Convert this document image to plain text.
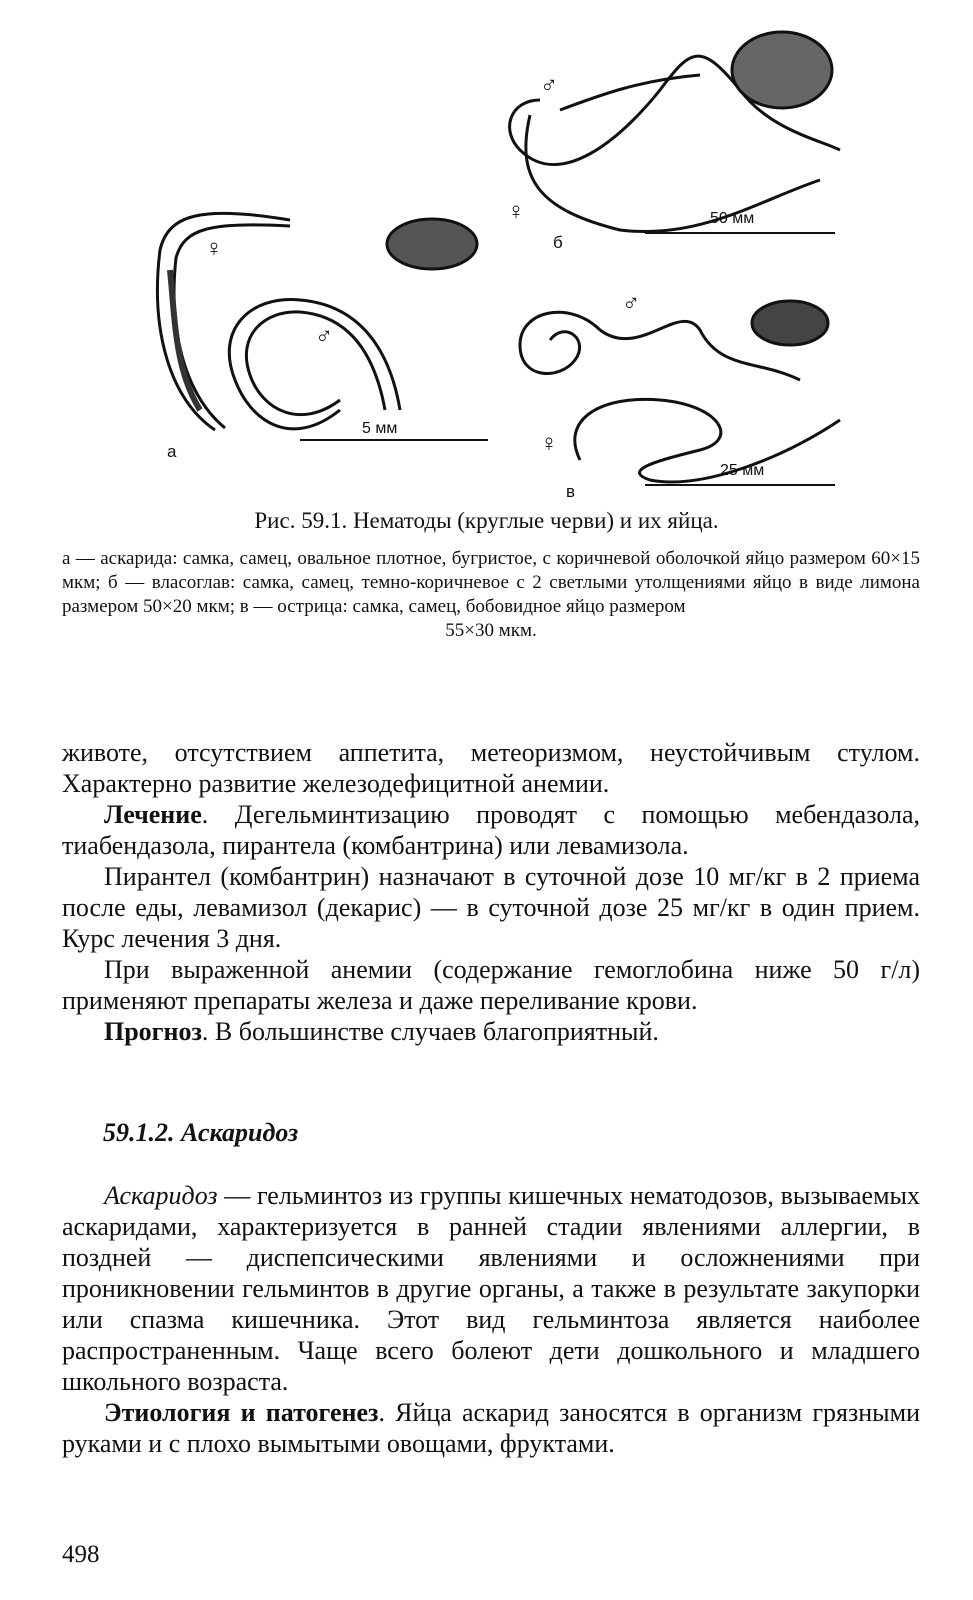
♀
♂
а
5 мм
♂
♀
б
50 мм
♂
♀
в
25 мм
Рис. 59.1. Нематоды (круглые черви) и их яйца.
а — аскарида: самка, самец, овальное плотное, бугристое, с коричневой оболочкой яйцо размером 60×15 мкм; б — власоглав: самка, самец, темно-коричневое с 2 светлыми утолщениями яйцо в виде лимона размером 50×20 мкм; в — острица: самка, самец, бобовидное яйцо размером
55×30 мкм.

животе, отсутствием аппетита, метеоризмом, неустойчивым стулом. Характерно развитие железодефицитной анемии.

Лечение. Дегельминтизацию проводят с помощью мебендазола, тиабендазола, пирантела (комбантрина) или левамизола.

Пирантел (комбантрин) назначают в суточной дозе 10 мг/кг в 2 приема после еды, левамизол (декарис) — в суточной дозе 25 мг/кг в один прием. Курс лечения 3 дня.

При выраженной анемии (содержание гемоглобина ниже 50 г/л) применяют препараты железа и даже переливание крови.

Прогноз. В большинстве случаев благоприятный.

59.1.2. Аскаридоз

Аскаридоз — гельминтоз из группы кишечных нематодозов, вызываемых аскаридами, характеризуется в ранней стадии явлениями аллергии, в поздней — диспепсическими явлениями и осложнениями при проникновении гельминтов в другие органы, а также в результате закупорки или спазма кишечника. Этот вид гельминтоза является наиболее распространенным. Чаще всего болеют дети дошкольного и младшего школьного возраста.

Этиология и патогенез. Яйца аскарид заносятся в организм грязными руками и с плохо вымытыми овощами, фруктами.

498
